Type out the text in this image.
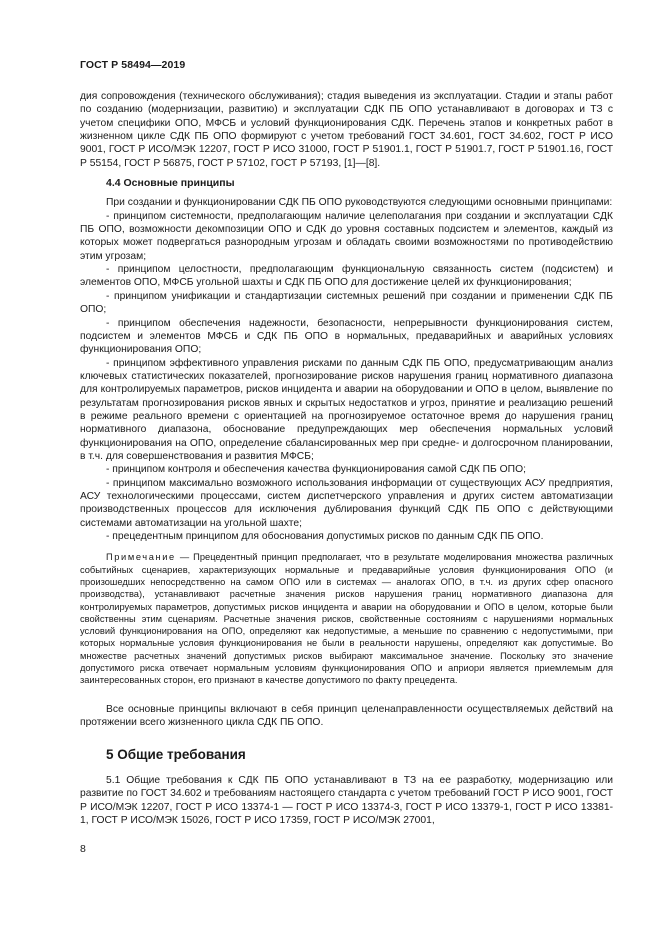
ГОСТ Р 58494—2019

дия сопровождения (технического обслуживания); стадия выведения из эксплуатации. Стадии и этапы работ по созданию (модернизации, развитию) и эксплуатации СДК ПБ ОПО устанавливают в договорах и ТЗ с учетом специфики ОПО, МФСБ и условий функционирования СДК. Перечень этапов и конкретных работ в жизненном цикле СДК ПБ ОПО формируют с учетом требований ГОСТ 34.601, ГОСТ 34.602, ГОСТ Р ИСО 9001, ГОСТ Р ИСО/МЭК 12207, ГОСТ Р ИСО 31000, ГОСТ Р 51901.1, ГОСТ Р 51901.7, ГОСТ Р 51901.16, ГОСТ Р 55154, ГОСТ Р 56875, ГОСТ Р 57102, ГОСТ Р 57193, [1]—[8].

4.4 Основные принципы

При создании и функционировании СДК ПБ ОПО руководствуются следующими основными принципами:

- принципом системности, предполагающим наличие целеполагания при создании и эксплуатации СДК ПБ ОПО, возможности декомпозиции ОПО и СДК до уровня составных подсистем и элементов, каждый из которых может подвергаться разнородным угрозам и обладать своими возможностями по противодействию этим угрозам;

- принципом целостности, предполагающим функциональную связанность систем (подсистем) и элементов ОПО, МФСБ угольной шахты и СДК ПБ ОПО для достижение целей их функционирования;

- принципом унификации и стандартизации системных решений при создании и применении СДК ПБ ОПО;

- принципом обеспечения надежности, безопасности, непрерывности функционирования систем, подсистем и элементов МФСБ и СДК ПБ ОПО в нормальных, предаварийных и аварийных условиях функционирования ОПО;

- принципом эффективного управления рисками по данным СДК ПБ ОПО, предусматривающим анализ ключевых статистических показателей, прогнозирование рисков нарушения границ нормативного диапазона для контролируемых параметров, рисков инцидента и аварии на оборудовании и ОПО в целом, выявление по результатам прогнозирования рисков явных и скрытых недостатков и угроз, принятие и реализацию решений в режиме реального времени с ориентацией на прогнозируемое остаточное время до нарушения границ нормативного диапазона, обоснование предупреждающих мер обеспечения нормальных условий функционирования на ОПО, определение сбалансированных мер при средне- и долгосрочном планировании, в т.ч. для совершенствования и развития МФСБ;

- принципом контроля и обеспечения качества функционирования самой СДК ПБ ОПО;

- принципом максимально возможного использования информации от существующих АСУ предприятия, АСУ технологическими процессами, систем диспетчерского управления и других систем автоматизации производственных процессов для исключения дублирования функций СДК ПБ ОПО с действующими системами автоматизации на угольной шахте;

- прецедентным принципом для обоснования допустимых рисков по данным СДК ПБ ОПО.

Примечание — Прецедентный принцип предполагает, что в результате моделирования множества различных событийных сценариев, характеризующих нормальные и предаварийные условия функционирования ОПО (и произошедших непосредственно на самом ОПО или в системах — аналогах ОПО, в т.ч. из других сфер опасного производства), устанавливают расчетные значения рисков нарушения границ нормативного диапазона для контролируемых параметров, допустимых рисков инцидента и аварии на оборудовании и ОПО в целом, которые были свойственны этим сценариям. Расчетные значения рисков, свойственные состояниям с нарушениями нормальных условий функционирования на ОПО, определяют как недопустимые, а меньшие по сравнению с недопустимыми, при которых нормальные условия функционирования не были в реальности нарушены, определяют как допустимые. Во множестве расчетных значений допустимых рисков выбирают максимальное значение. Поскольку это значение допустимого риска отвечает нормальным условиям функционирования ОПО и априори является приемлемым для заинтересованных сторон, его признают в качестве допустимого по факту прецедента.

Все основные принципы включают в себя принцип целенаправленности осуществляемых действий на протяжении всего жизненного цикла СДК ПБ ОПО.

5 Общие требования

5.1 Общие требования к СДК ПБ ОПО устанавливают в ТЗ на ее разработку, модернизацию или развитие по ГОСТ 34.602 и требованиям настоящего стандарта с учетом требований ГОСТ Р ИСО 9001, ГОСТ Р ИСО/МЭК 12207, ГОСТ Р ИСО 13374-1 — ГОСТ Р ИСО 13374-3, ГОСТ Р ИСО 13379-1, ГОСТ Р ИСО 13381-1, ГОСТ Р ИСО/МЭК 15026, ГОСТ Р ИСО 17359, ГОСТ Р ИСО/МЭК 27001,

8
